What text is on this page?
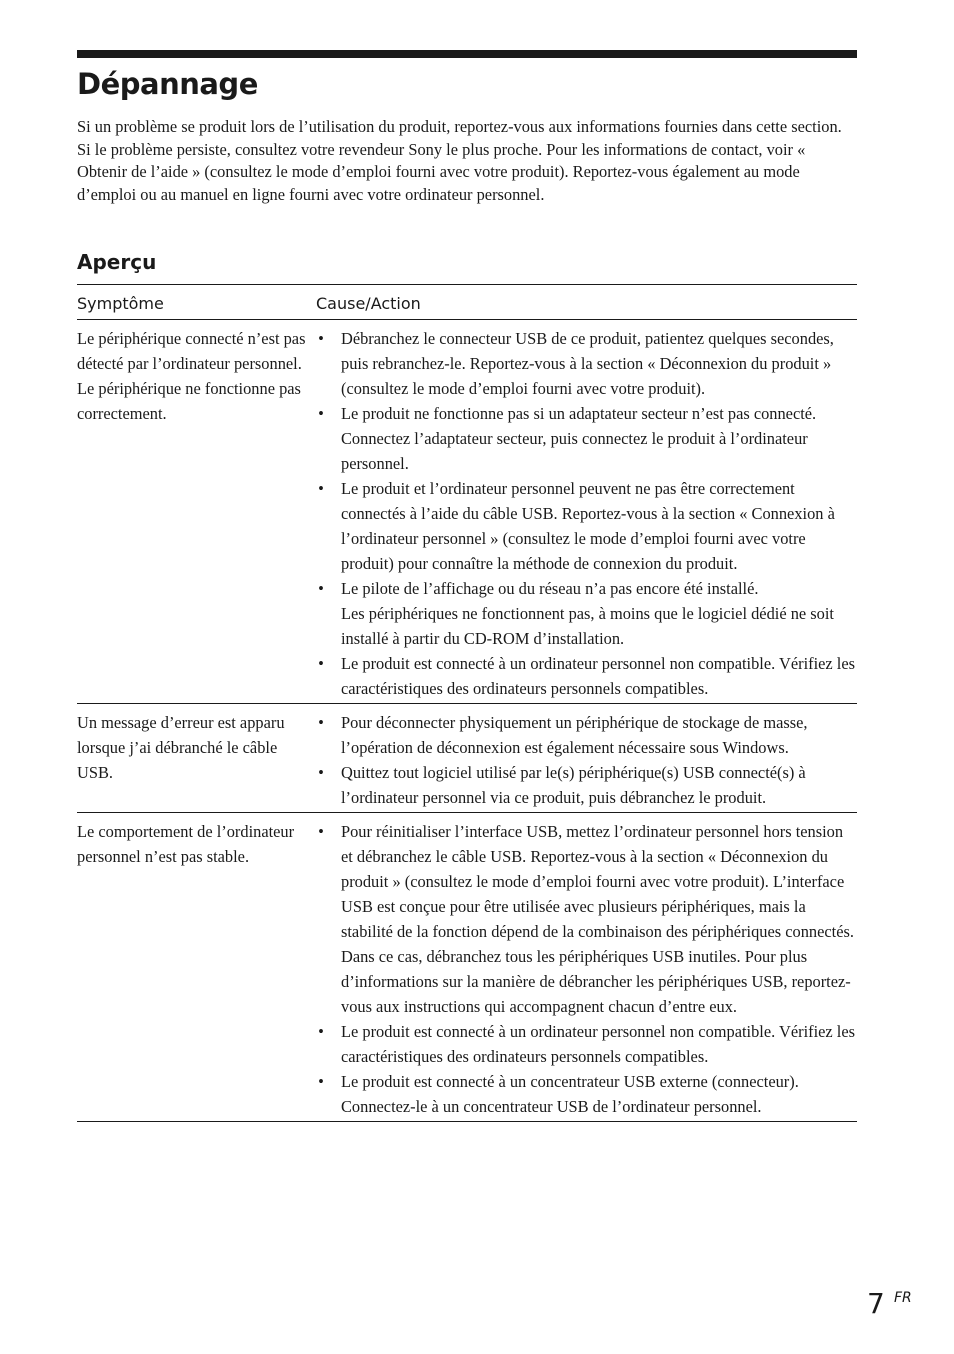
Dépannage

Si un problème se produit lors de l’utilisation du produit, reportez-vous aux informations fournies dans cette section. Si le problème persiste, consultez votre revendeur Sony le plus proche. Pour les informations de contact, voir « Obtenir de l’aide » (consultez le mode d’emploi fourni avec votre produit). Reportez-vous également au mode d’emploi ou au manuel en ligne fourni avec votre ordinateur personnel.

Aperçu
Symptôme	Cause/Action
Le périphérique connecté n’est pas détecté par l’ordinateur personnel. Le périphérique ne fonctionne pas correctement.
• Débranchez le connecteur USB de ce produit, patientez quelques secondes, puis rebranchez-le. Reportez-vous à la section « Déconnexion du produit » (consultez le mode d’emploi fourni avec votre produit).
• Le produit ne fonctionne pas si un adaptateur secteur n’est pas connecté. Connectez l’adaptateur secteur, puis connectez le produit à l’ordinateur personnel.
• Le produit et l’ordinateur personnel peuvent ne pas être correctement connectés à l’aide du câble USB. Reportez-vous à la section « Connexion à l’ordinateur personnel » (consultez le mode d’emploi fourni avec votre produit) pour connaître la méthode de connexion du produit.
• Le pilote de l’affichage ou du réseau n’a pas encore été installé.
Les périphériques ne fonctionnent pas, à moins que le logiciel dédié ne soit installé à partir du CD-ROM d’installation.
• Le produit est connecté à un ordinateur personnel non compatible. Vérifiez les caractéristiques des ordinateurs personnels compatibles.
Un message d’erreur est apparu lorsque j’ai débranché le câble USB.
• Pour déconnecter physiquement un périphérique de stockage de masse, l’opération de déconnexion est également nécessaire sous Windows.
• Quittez tout logiciel utilisé par le(s) périphérique(s) USB connecté(s) à l’ordinateur personnel via ce produit, puis débranchez le produit.
Le comportement de l’ordinateur personnel n’est pas stable.
• Pour réinitialiser l’interface USB, mettez l’ordinateur personnel hors tension et débranchez le câble USB. Reportez-vous à la section « Déconnexion du produit » (consultez le mode d’emploi fourni avec votre produit). L’interface USB est conçue pour être utilisée avec plusieurs périphériques, mais la stabilité de la fonction dépend de la combinaison des périphériques connectés. Dans ce cas, débranchez tous les périphériques USB inutiles. Pour plus d’informations sur la manière de débrancher les périphériques USB, reportez-vous aux instructions qui accompagnent chacun d’entre eux.
• Le produit est connecté à un ordinateur personnel non compatible. Vérifiez les caractéristiques des ordinateurs personnels compatibles.
• Le produit est connecté à un concentrateur USB externe (connecteur). Connectez-le à un concentrateur USB de l’ordinateur personnel.
7 FR
